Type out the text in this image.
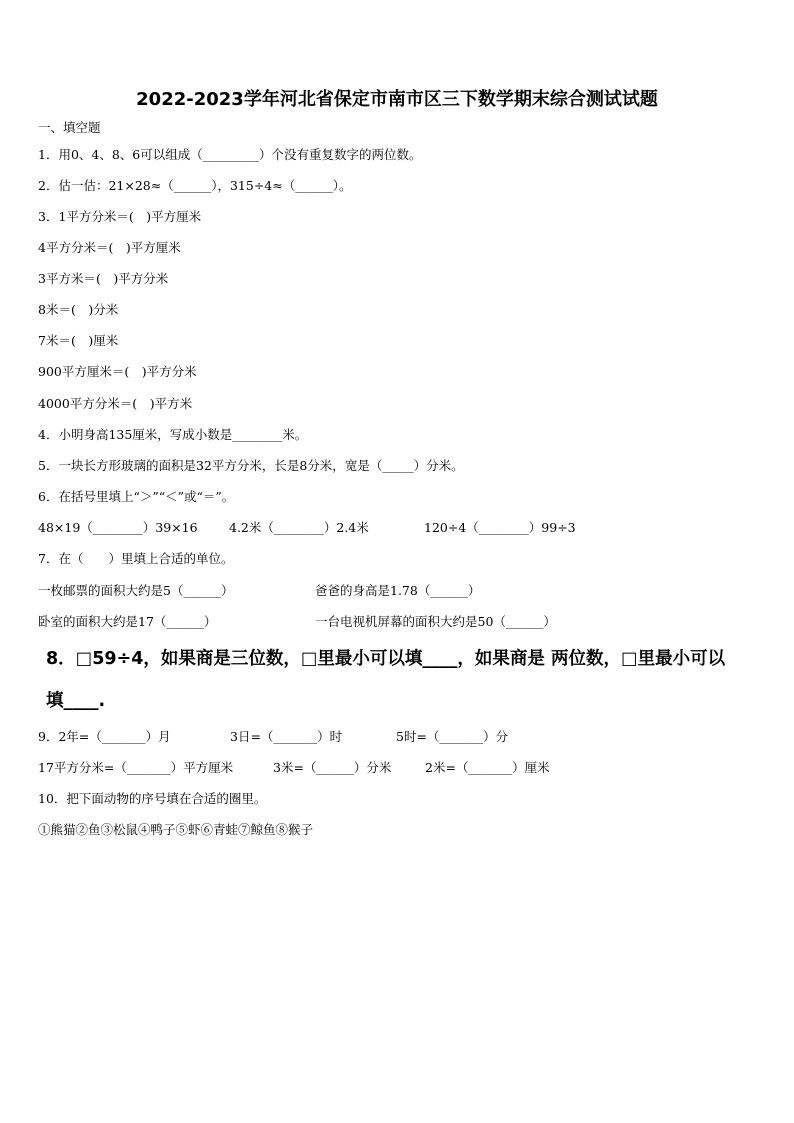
2022-2023学年河北省保定市南市区三下数学期末综合测试试题
一、填空题
1．用0、4、8、6可以组成（_________）个没有重复数字的两位数。
2．估一估：21×28≈（______），315÷4≈（______）。
3．1平方分米＝(　)平方厘米
4平方分米＝(　)平方厘米
3平方米＝(　)平方分米
8米＝(　)分米
7米＝(　)厘米
900平方厘米＝(　)平方分米
4000平方分米＝(　)平方米
4．小明身高135厘米，写成小数是________米。
5．一块长方形玻璃的面积是32平方分米，长是8分米，宽是（_____）分米。
6．在括号里填上“＞”“＜”或“＝”。
48×19（________）39×16	4.2米（________）2.4米	120÷4（________）99÷3
7．在（　　）里填上合适的单位。
一枚邮票的面积大约是5（______）	爸爸的身高是1.78（______）
卧室的面积大约是17（______）	一台电视机屏幕的面积大约是50（______）
8．□59÷4，如果商是三位数，□里最小可以填____，如果商是 两位数，□里最小可以
填____.
9．2年=（_______）月	3日=（_______）时	5时=（_______）分
17平方分米=（_______）平方厘米	3米=（______）分米	2米=（_______）厘米
10．把下面动物的序号填在合适的圈里。
①熊猫②鱼③松鼠④鸭子⑤虾⑥青蛙⑦鲸鱼⑧猴子
